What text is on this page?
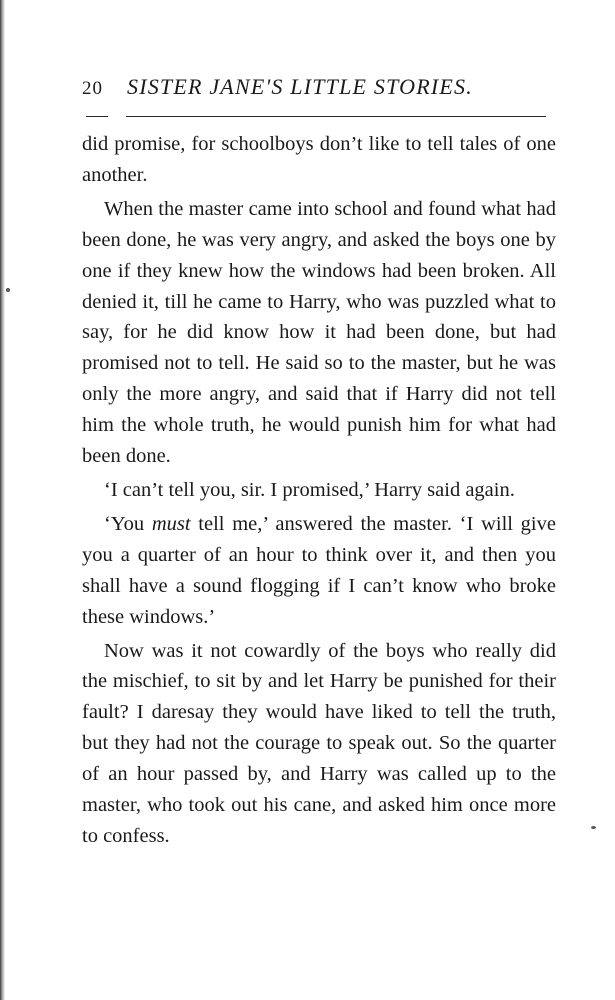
20 SISTER JANE'S LITTLE STORIES.

did promise, for schoolboys don’t like to tell tales of one another.

When the master came into school and found what had been done, he was very angry, and asked the boys one by one if they knew how the windows had been broken. All denied it, till he came to Harry, who was puzzled what to say, for he did know how it had been done, but had promised not to tell. He said so to the master, but he was only the more angry, and said that if Harry did not tell him the whole truth, he would punish him for what had been done.

‘I can’t tell you, sir. I promised,’ Harry said again.

‘You must tell me,’ answered the master. ‘I will give you a quarter of an hour to think over it, and then you shall have a sound flogging if I can’t know who broke these windows.’

Now was it not cowardly of the boys who really did the mischief, to sit by and let Harry be punished for their fault? I daresay they would have liked to tell the truth, but they had not the courage to speak out. So the quarter of an hour passed by, and Harry was called up to the master, who took out his cane, and asked him once more to confess.
